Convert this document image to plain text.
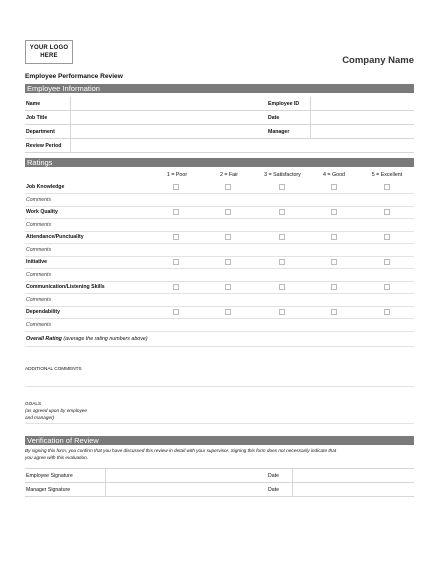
YOUR LOGO
HERE	Company Name
Employee Performance Review
Employee Information
Name	Employee ID
Job Title	Date
Department	Manager
Review Period
Ratings
1 = Poor	2 = Fair	3 = Satisfactory	4 = Good	5 = Excellent
Job Knowledge
Comments
Work Quality
Comments
Attendance/Punctuality
Comments
Initiative
Comments
Communication/Listening Skills
Comments
Dependability
Comments
Overall Rating (average the rating numbers above)
ADDITIONAL COMMENTS
GOALS
(as agreed upon by employee
and manager)
Verification of Review
By signing this form, you confirm that you have discussed this review in detail with your supervisor. Signing this form does not necessarily indicate that
you agree with this evaluation.
Employee Signature	Date
Manager Signature	Date
